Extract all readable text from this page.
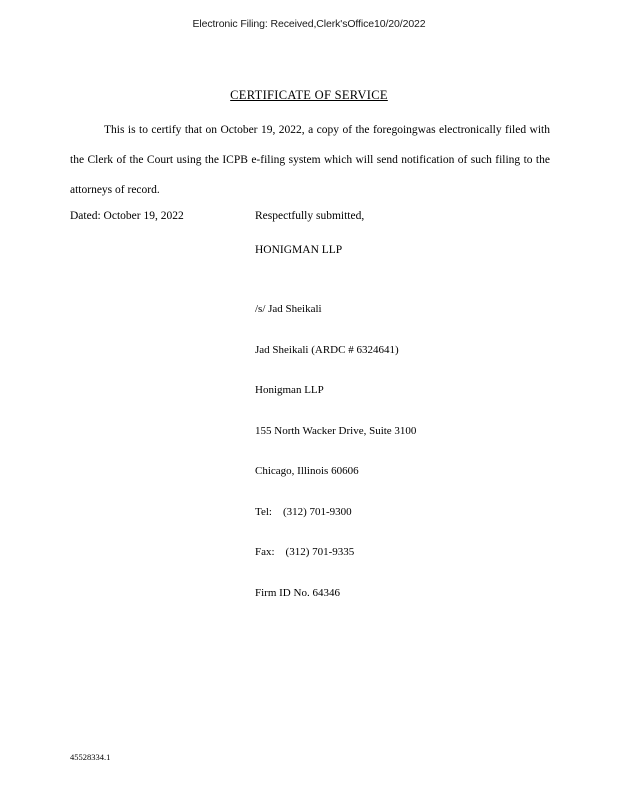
Electronic Filing: Received,Clerk'sOffice10/20/2022
CERTIFICATE OF SERVICE
This is to certify that on October 19, 2022, a copy of the foregoingwas electronically filed with the Clerk of the Court using the ICPB e-filing system which will send notification of such filing to the attorneys of record.
Dated: October 19, 2022	Respectfully submitted,
HONIGMAN LLP

/s/ Jad Sheikali

Jad Sheikali (ARDC # 6324641)

Honigman LLP

155 North Wacker Drive, Suite 3100

Chicago, Illinois 60606

Tel:    (312) 701-9300

Fax:    (312) 701-9335

Firm ID No. 64346

45528334.1
